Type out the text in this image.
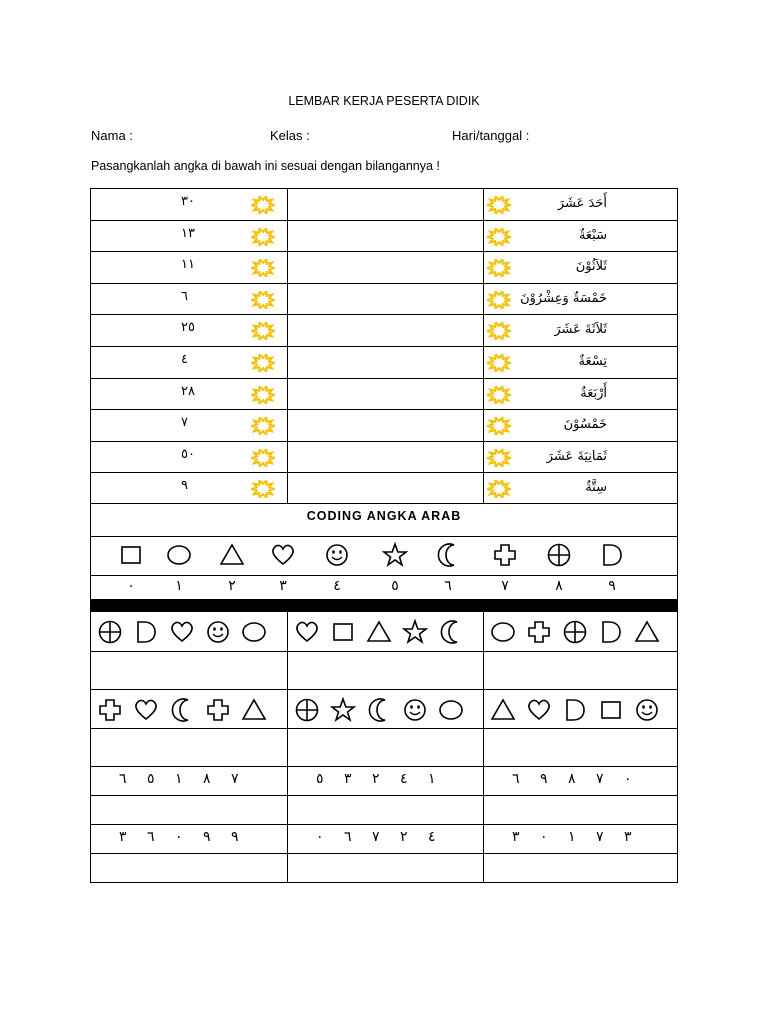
LEMBAR KERJA PESERTA DIDIK
Nama :	Kelas :	Hari/tanggal :
Pasangkanlah angka di bawah ini sesuai dengan bilangannya !
٣٠	أَحَدَ عَشَرَ
١٣	سَبْعَةٌ
١١	ثَلاَثُوْنَ
٦	خَمْسَةٌ وَعِشْرُوْنَ
٢٥	ثَلاَثَةَ عَشَرَ
٤	تِسْعَةٌ
٢٨	أَرْبَعَةٌ
٧	خَمْسُوْنَ
٥٠	ثَمَانِيَةَ عَشَرَ
٩	سِتَّةٌ
CODING ANGKA ARAB
٠	١	٢	٣	٤	٥	٦	٧	٨	٩
٧ ٨ ١ ٥ ٦	١ ٤ ٢ ٣ ٥	٠ ٧ ٨ ٩ ٦
٩ ٩ ٠ ٦ ٣	٤ ٢ ٧ ٦ ٠	٣ ٧ ١ ٠ ٣
